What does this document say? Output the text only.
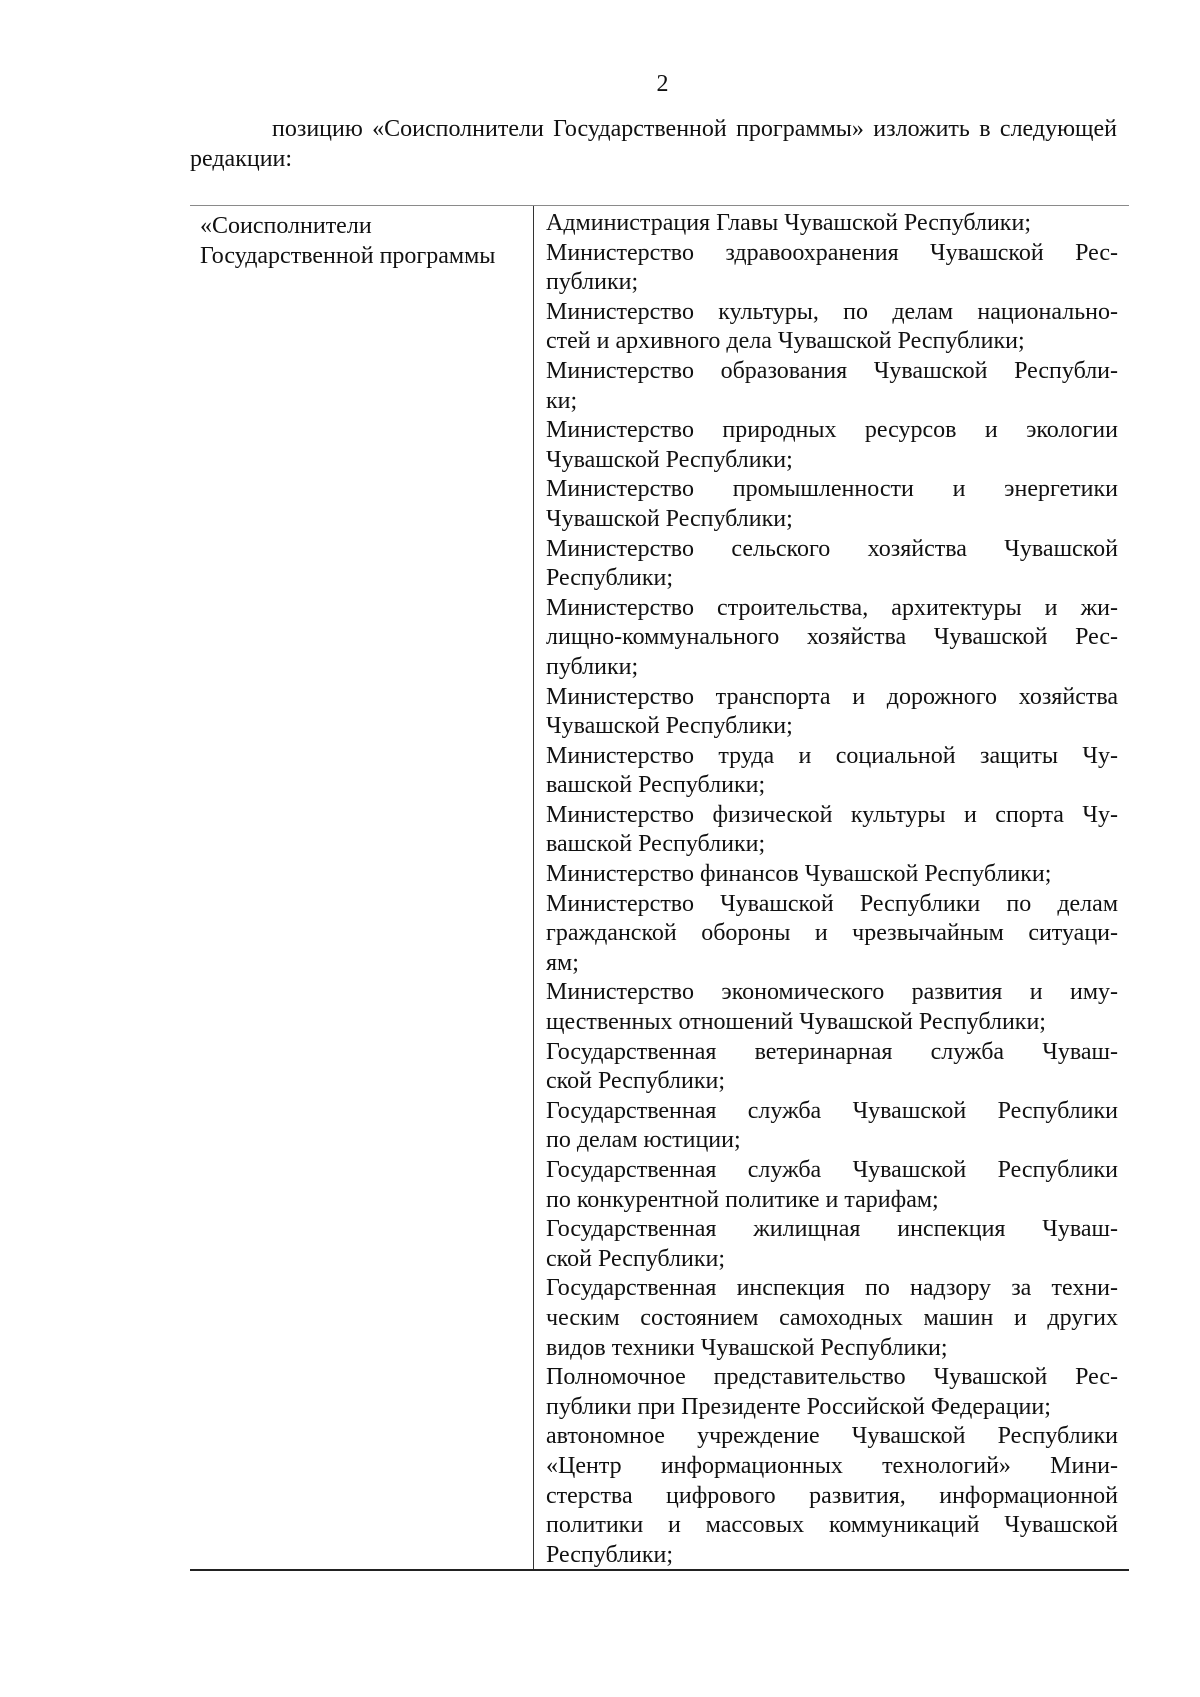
2
позицию «Соисполнители Государственной программы» изложить в следующей редакции:
«Соисполнители Государственной программы
Администрация Главы Чувашской Республики;
Министерство здравоохранения Чувашской Рес-
публики;
Министерство культуры, по делам национально-
стей и архивного дела Чувашской Республики;
Министерство образования Чувашской Республи-
ки;
Министерство природных ресурсов и экологии
Чувашской Республики;
Министерство промышленности и энергетики
Чувашской Республики;
Министерство сельского хозяйства Чувашской
Республики;
Министерство строительства, архитектуры и жи-
лищно-коммунального хозяйства Чувашской Рес-
публики;
Министерство транспорта и дорожного хозяйства
Чувашской Республики;
Министерство труда и социальной защиты Чу-
вашской Республики;
Министерство физической культуры и спорта Чу-
вашской Республики;
Министерство финансов Чувашской Республики;
Министерство Чувашской Республики по делам
гражданской обороны и чрезвычайным ситуаци-
ям;
Министерство экономического развития и иму-
щественных отношений Чувашской Республики;
Государственная ветеринарная служба Чуваш-
ской Республики;
Государственная служба Чувашской Республики
по делам юстиции;
Государственная служба Чувашской Республики
по конкурентной политике и тарифам;
Государственная жилищная инспекция Чуваш-
ской Республики;
Государственная инспекция по надзору за техни-
ческим состоянием самоходных машин и других
видов техники Чувашской Республики;
Полномочное представительство Чувашской Рес-
публики при Президенте Российской Федерации;
автономное учреждение Чувашской Республики
«Центр информационных технологий» Мини-
стерства цифрового развития, информационной
политики и массовых коммуникаций Чувашской
Республики;
